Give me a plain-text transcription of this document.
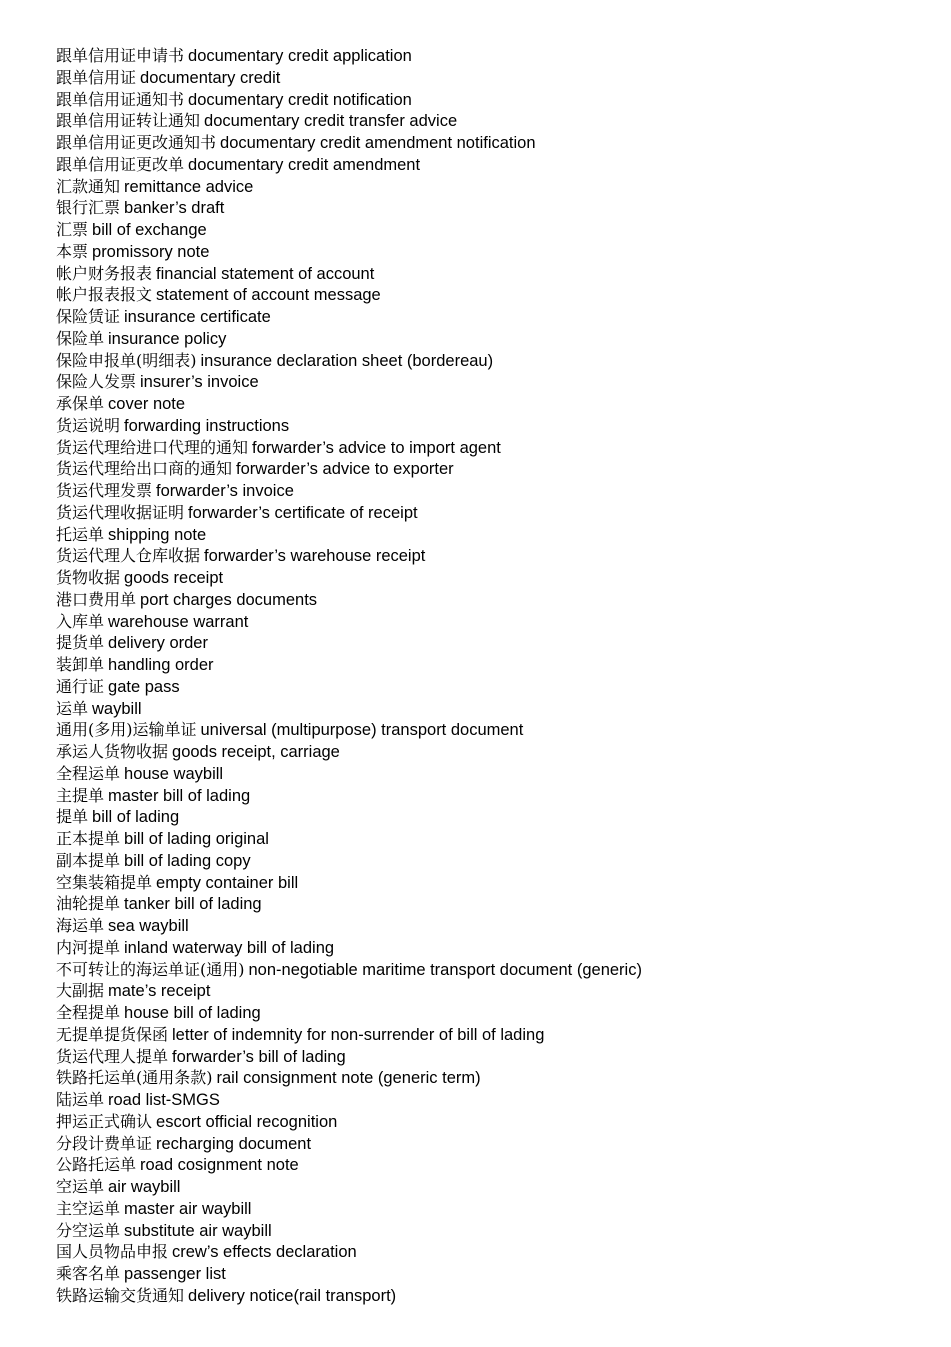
跟单信用证申请书 documentary credit application
跟单信用证 documentary credit
跟单信用证通知书 documentary credit notification
跟单信用证转让通知 documentary credit transfer advice
跟单信用证更改通知书 documentary credit amendment notification
跟单信用证更改单 documentary credit amendment
汇款通知 remittance advice
银行汇票 banker’s draft
汇票 bill of exchange
本票 promissory note
帐户财务报表 financial statement of account
帐户报表报文 statement of account message
保险赁证 insurance certificate
保险单 insurance policy
保险申报单(明细表) insurance declaration sheet (bordereau)
保险人发票 insurer’s invoice
承保单 cover note
货运说明 forwarding instructions
货运代理给进口代理的通知 forwarder’s advice to import agent
货运代理给出口商的通知 forwarder’s advice to exporter
货运代理发票 forwarder’s invoice
货运代理收据证明 forwarder’s certificate of receipt
托运单 shipping note
货运代理人仓库收据 forwarder’s warehouse receipt
货物收据 goods receipt
港口费用单 port charges documents
入库单 warehouse warrant
提货单 delivery order
装卸单 handling order
通行证 gate pass
运单 waybill
通用(多用)运输单证 universal (multipurpose) transport document
承运人货物收据 goods receipt, carriage
全程运单 house waybill
主提单 master bill of lading
提单 bill of lading
正本提单 bill of lading original
副本提单 bill of lading copy
空集装箱提单 empty container bill
油轮提单 tanker bill of lading
海运单 sea waybill
内河提单 inland waterway bill of lading
不可转让的海运单证(通用) non-negotiable maritime transport document (generic)
大副据 mate’s receipt
全程提单 house bill of lading
无提单提货保函 letter of indemnity for non-surrender of bill of lading
货运代理人提单 forwarder’s bill of lading
铁路托运单(通用条款) rail consignment note (generic term)
陆运单 road list-SMGS
押运正式确认 escort official recognition
分段计费单证 recharging document
公路托运单 road cosignment note
空运单 air waybill
主空运单 master air waybill
分空运单 substitute air waybill
国人员物品申报 crew’s effects declaration
乘客名单 passenger list
铁路运输交货通知 delivery notice(rail transport)
